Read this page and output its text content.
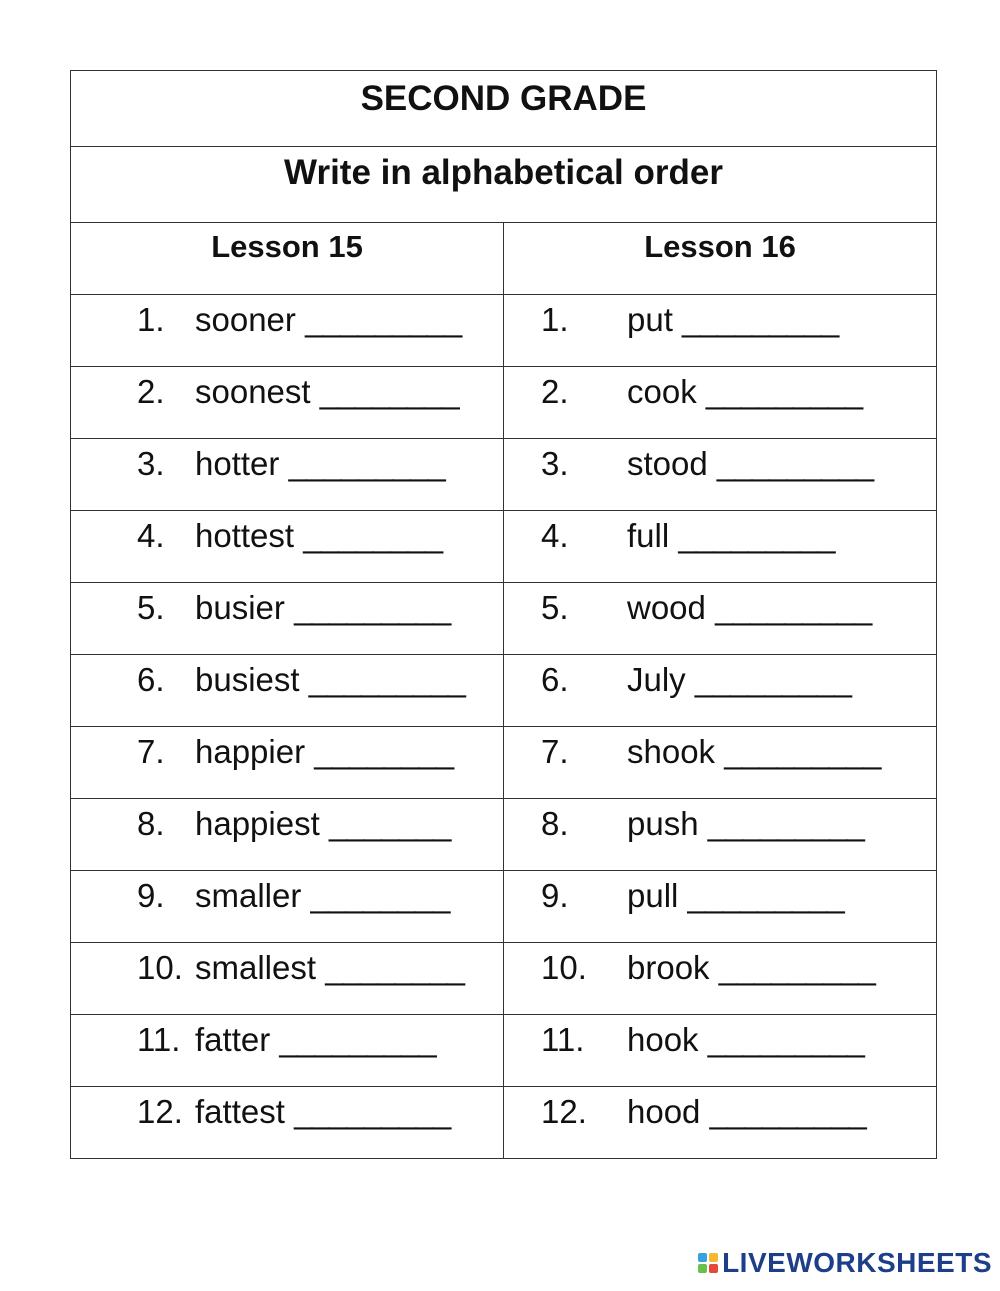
SECOND GRADE	
Write in alphabetical order	
Lesson 15	Lesson 16
1. sooner _________	1. put _________
2. soonest ________	2. cook _________
3. hotter _________	3. stood _________
4. hottest ________	4. full _________
5. busier _________	5. wood _________
6. busiest _________	6. July _________
7. happier ________	7. shook _________
8. happiest _______	8. push _________
9. smaller ________	9. pull _________
10. smallest ________	10. brook _________
11. fatter _________	11. hook _________
12. fattest _________	12. hood _________
LIVEWORKSHEETS
